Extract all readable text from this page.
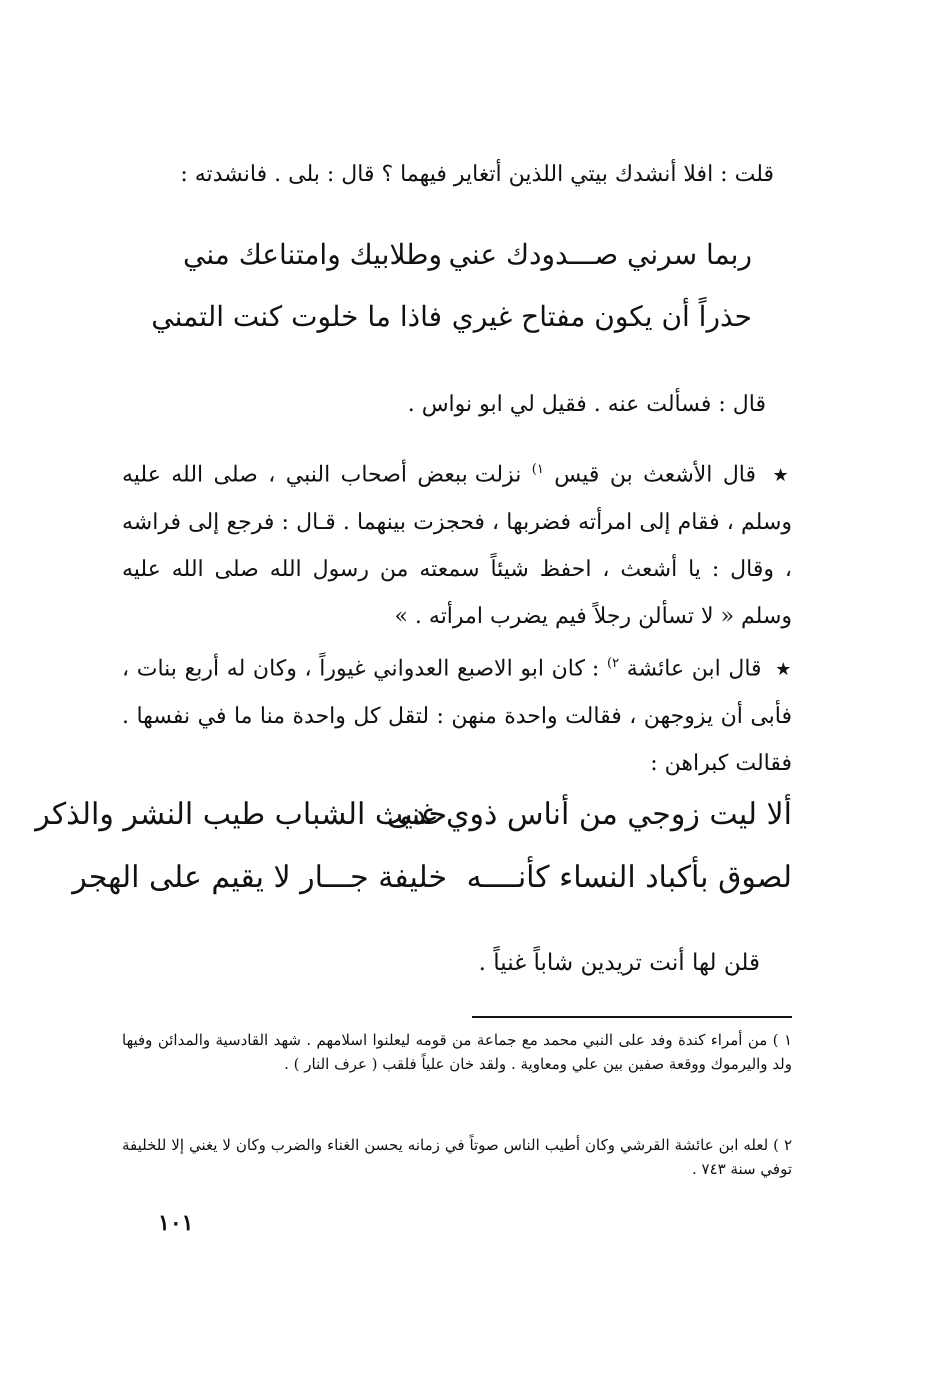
قلت : افلا أنشدك بيتي اللذين أتغاير فيهما ؟ قال : بلى . فانشدته :
ربما سرني صـــدودك عني
وطلابيك وامتناعك مني
حذراً أن يكون مفتاح غيري
فاذا ما خلوت كنت التمني
قال : فسألت عنه . فقيل لي ابو نواس .
★ قال الأشعث بن قيس $^{١)}$ نزلت ببعض أصحاب النبي ، صلى الله عليه وسلم ، فقام إلى امرأته فضربها ، فحجزت بينهما . قـال : فرجع إلى فراشه ، وقال : يا أشعث ، احفظ شيئاً سمعته من رسول الله صلى الله عليه وسلم « لا تسألن رجلاً فيم يضرب امرأته . »
★ قال ابن عائشة $^{٢)}$ : كان ابو الاصبع العدواني غيوراً ، وكان له أربع بنات ، فأبى أن يزوجهن ، فقالت واحدة منهن : لتقل كل واحدة منا ما في نفسها . فقالت كبراهن :
ألا ليت زوجي من أناس ذوي غنى
حديث الشباب طيب النشر والذكر
لصوق بأكباد النساء كأنــــه
خليفة جـــار لا يقيم على الهجر
قلن لها أنت تريدين شاباً غنياً .
١ ) من أمراء كندة وفد على النبي محمد مع جماعة من قومه ليعلنوا اسلامهم . شهد القادسية والمدائن وفيها ولد واليرموك ووقعة صفين بين علي ومعاوية . ولقد خان علياً فلقب ( عرف النار ) .
٢ ) لعله ابن عائشة القرشي وكان أطيب الناس صوتاً في زمانه يحسن الغناء والضرب وكان لا يغني إلا للخليفة توفي سنة ٧٤٣ .
١٠١
